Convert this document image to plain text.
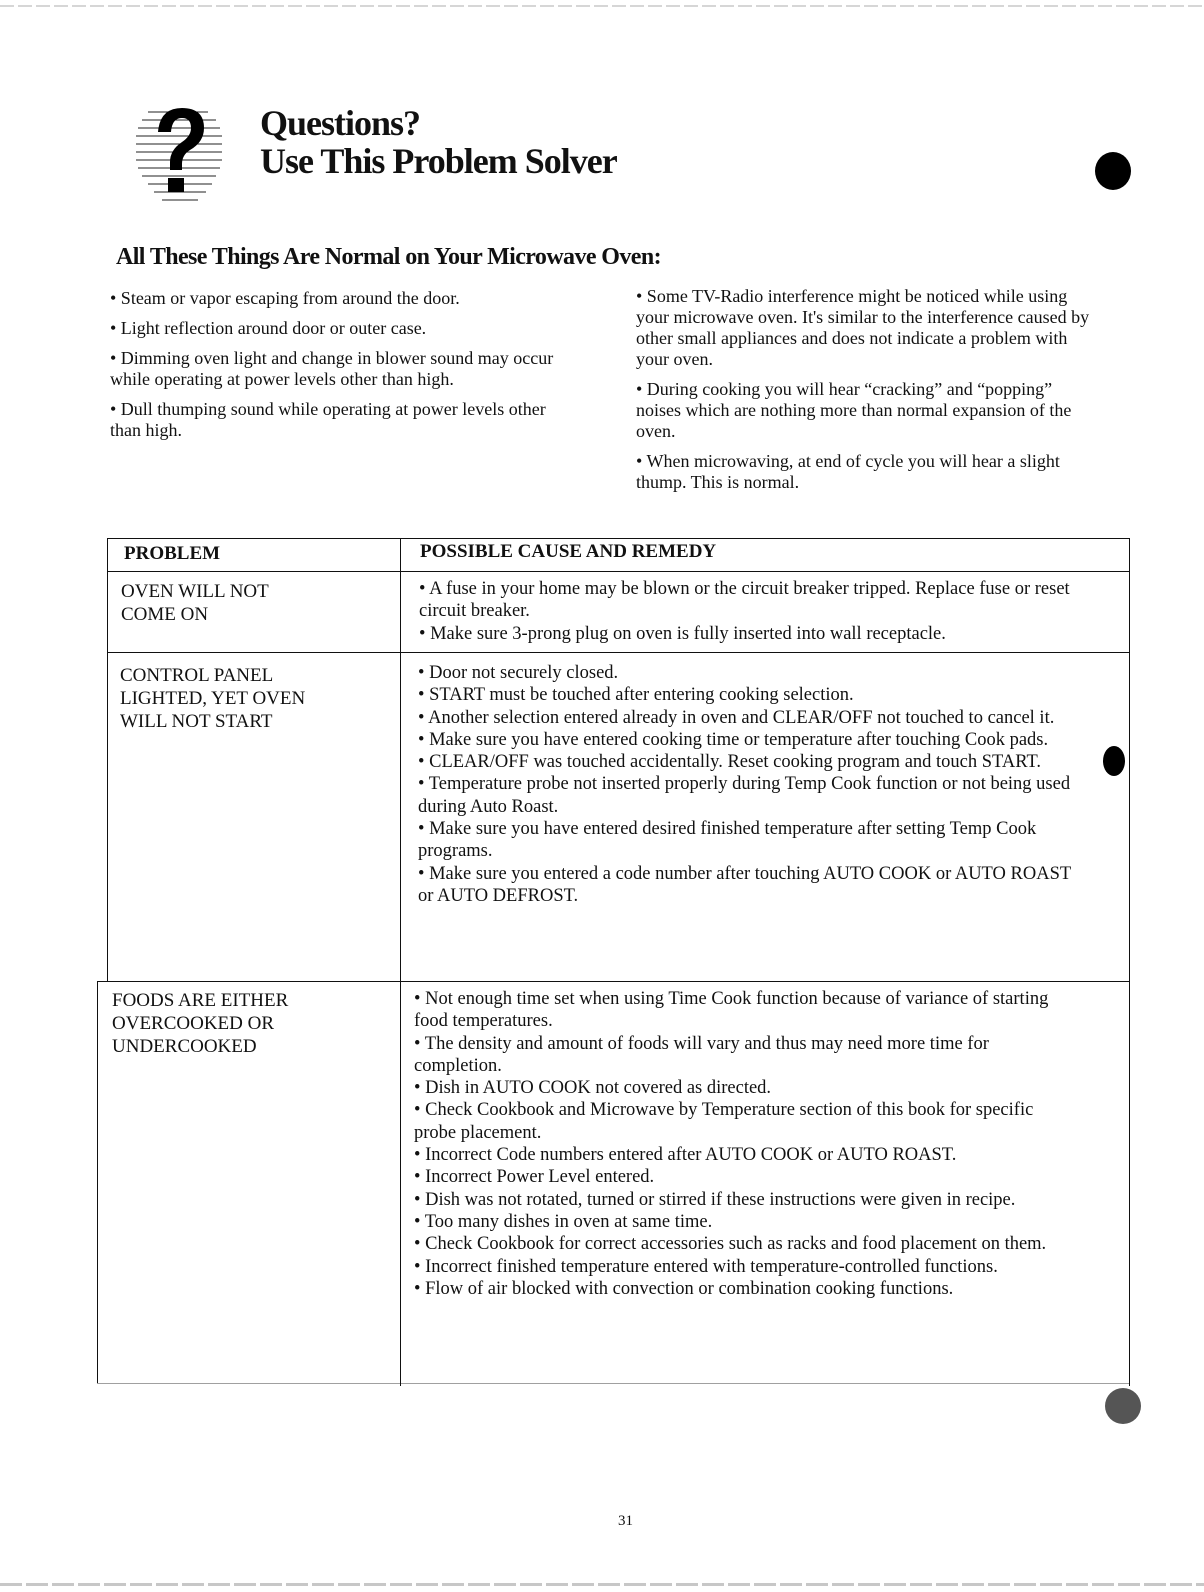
Questions?
Use This Problem Solver
All These Things Are Normal on Your Microwave Oven:

• Steam or vapor escaping from around the door.

• Light reflection around door or outer case.

• Dimming oven light and change in blower sound may occur while operating at power levels other than high.

• Dull thumping sound while operating at power levels other than high.

• Some TV-Radio interference might be noticed while using your microwave oven. It's similar to the interference caused by other small appliances and does not indicate a problem with your oven.

• During cooking you will hear “cracking” and “popping” noises which are nothing more than normal expansion of the oven.

• When microwaving, at end of cycle you will hear a slight thump. This is normal.

PROBLEM	POSSIBLE CAUSE AND REMEDY
OVEN WILL NOT
COME ON
• A fuse in your home may be blown or the circuit breaker tripped. Replace fuse or reset circuit breaker.
• Make sure 3-prong plug on oven is fully inserted into wall receptacle.
CONTROL PANEL
LIGHTED, YET OVEN
WILL NOT START
• Door not securely closed.
• START must be touched after entering cooking selection.
• Another selection entered already in oven and CLEAR/OFF not touched to cancel it.
• Make sure you have entered cooking time or temperature after touching Cook pads.
• CLEAR/OFF was touched accidentally. Reset cooking program and touch START.
• Temperature probe not inserted properly during Temp Cook function or not being used during Auto Roast.
• Make sure you have entered desired finished temperature after setting Temp Cook programs.
• Make sure you entered a code number after touching AUTO COOK or AUTO ROAST or AUTO DEFROST.
FOODS ARE EITHER
OVERCOOKED OR
UNDERCOOKED
• Not enough time set when using Time Cook function because of variance of starting food temperatures.
• The density and amount of foods will vary and thus may need more time for completion.
• Dish in AUTO COOK not covered as directed.
• Check Cookbook and Microwave by Temperature section of this book for specific probe placement.
• Incorrect Code numbers entered after AUTO COOK or AUTO ROAST.
• Incorrect Power Level entered.
• Dish was not rotated, turned or stirred if these instructions were given in recipe.
• Too many dishes in oven at same time.
• Check Cookbook for correct accessories such as racks and food placement on them.
• Incorrect finished temperature entered with temperature-controlled functions.
• Flow of air blocked with convection or combination cooking functions.
31
